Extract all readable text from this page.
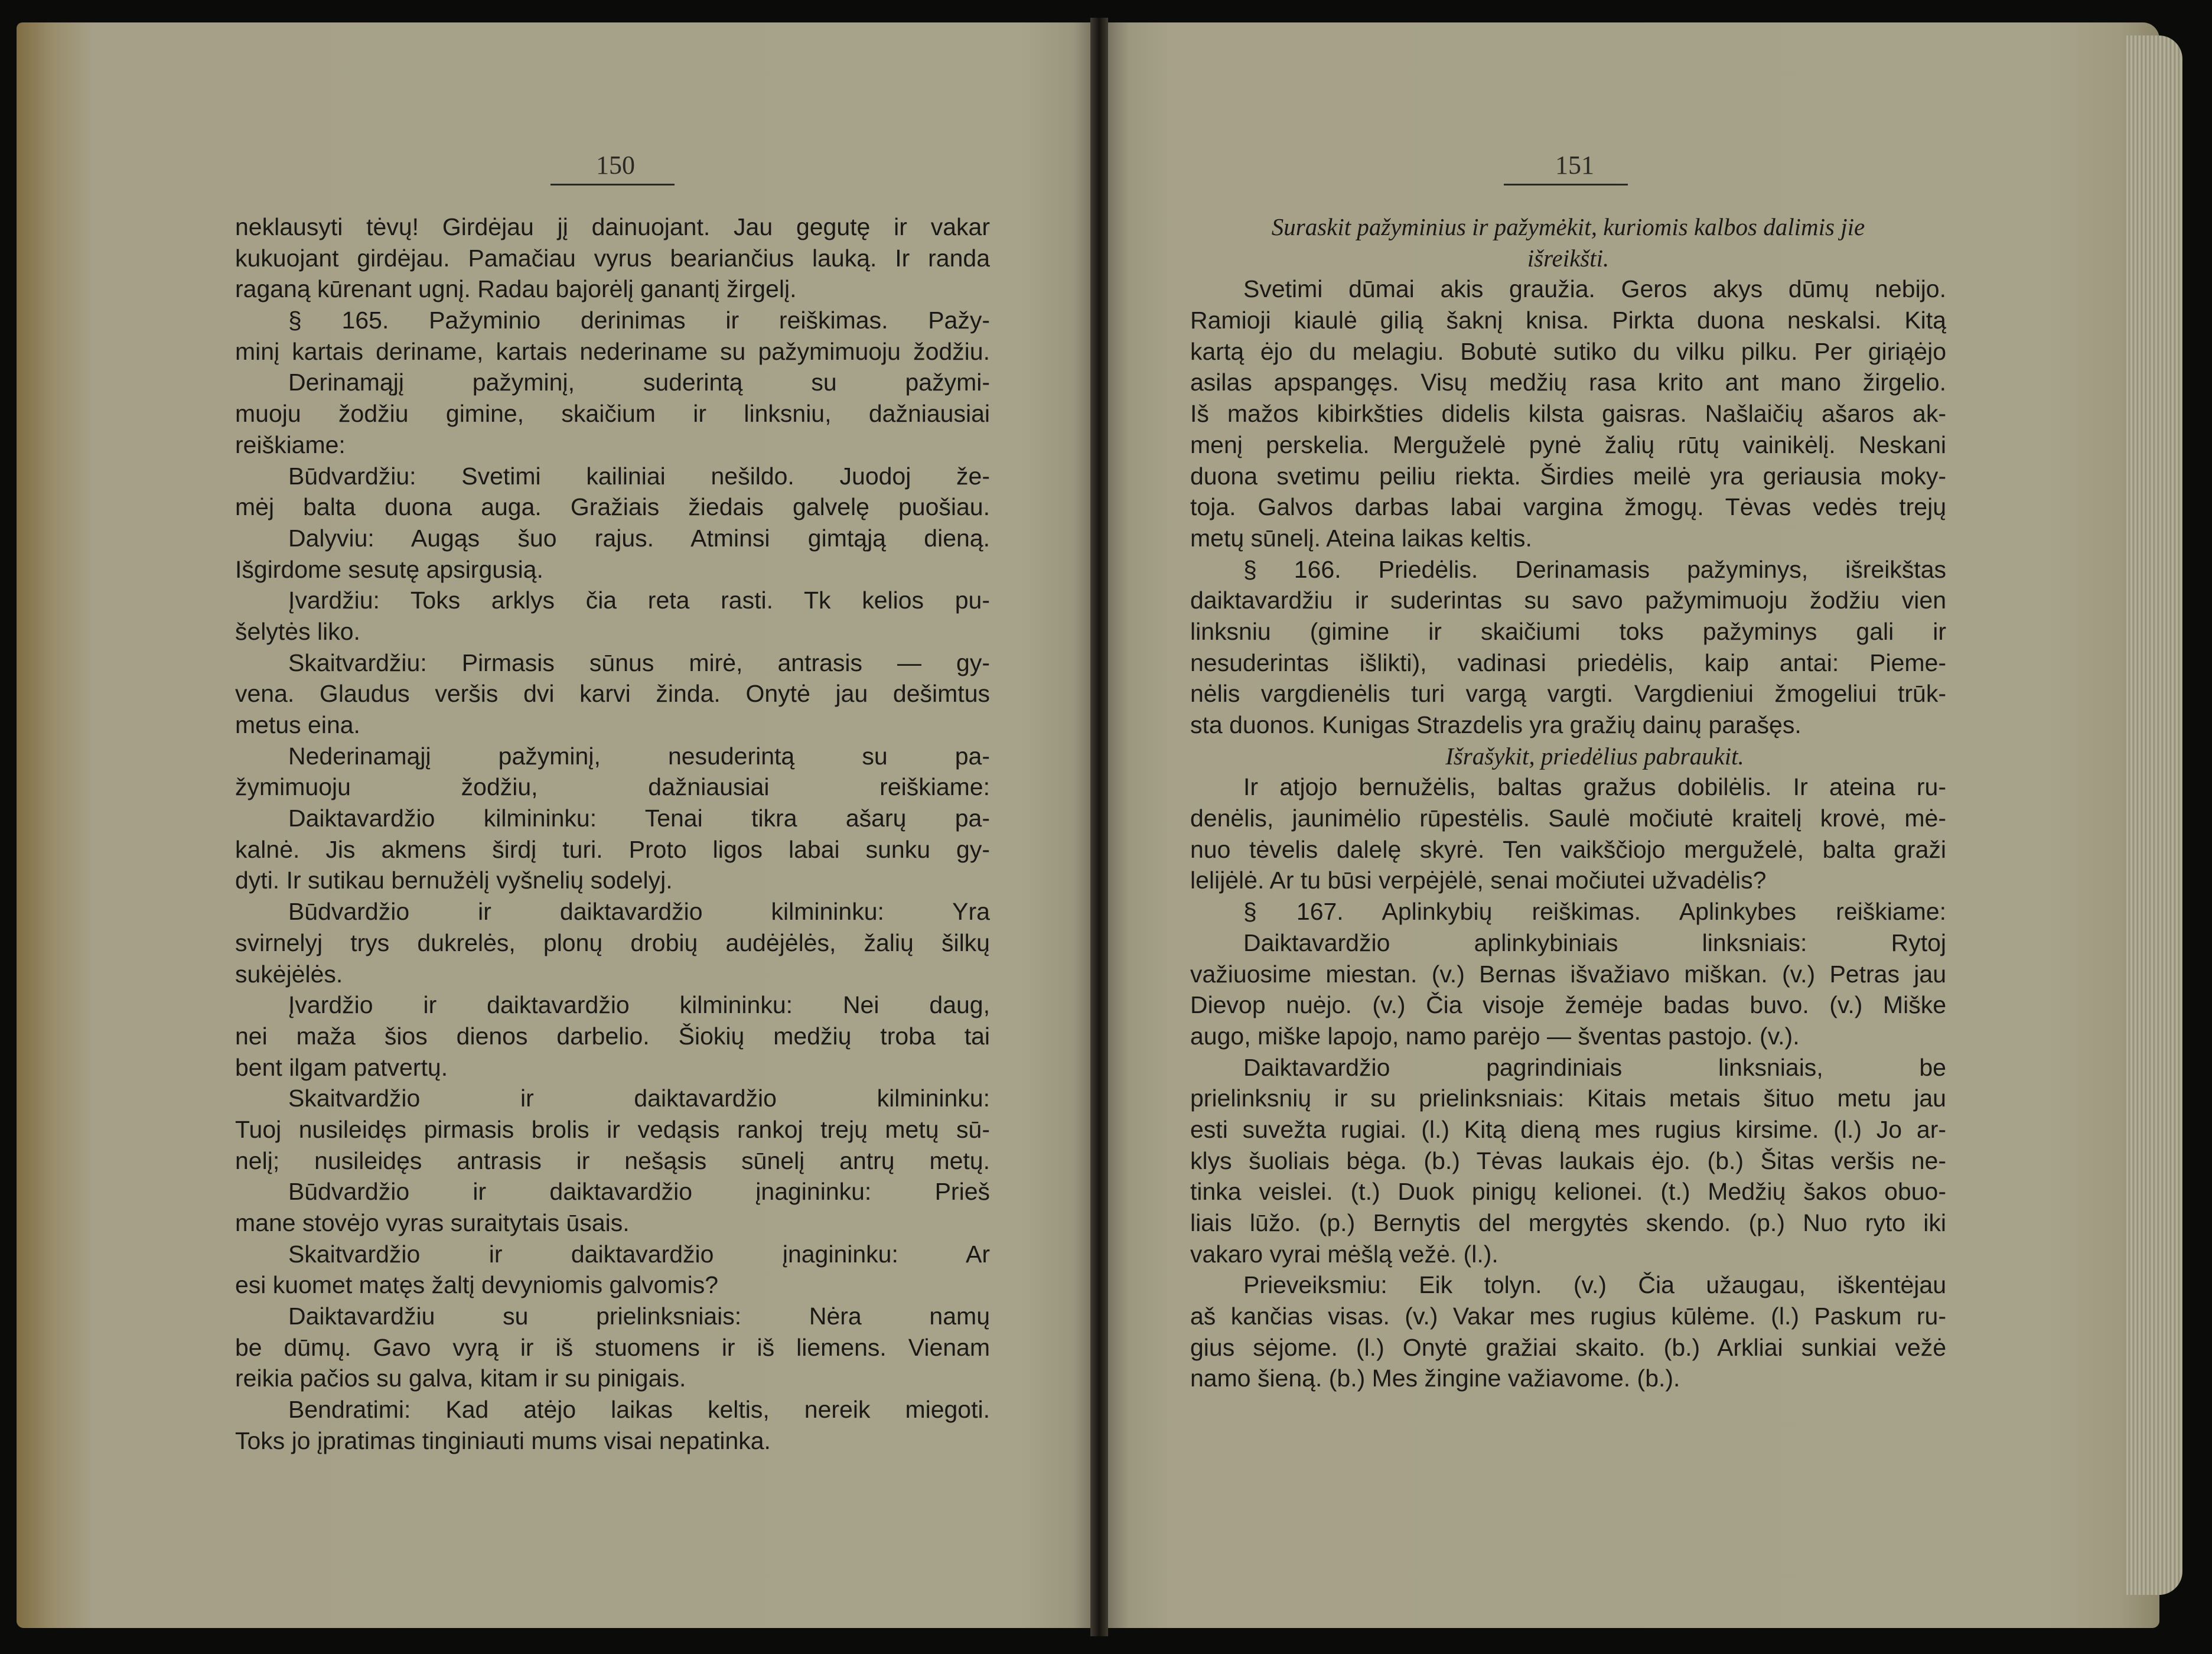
150	151
neklausyti tėvų! Girdėjau jį dainuojant. Jau gegutę ir vakar
kukuojant girdėjau. Pamačiau vyrus beariančius lauką. Ir randa
raganą kūrenant ugnį. Radau bajorėlį ganantį žirgelį.
§ 165. Pažyminio derinimas ir reiškimas. Pažy-
minį kartais deriname, kartais nederiname su pažymimuoju žodžiu.
Derinamąjį pažyminį, suderintą su pažymi-
muoju žodžiu gimine, skaičium ir linksniu, dažniausiai
reiškiame:
Būdvardžiu: Svetimi kailiniai nešildo. Juodoj že-
mėj balta duona auga. Gražiais žiedais galvelę puošiau.
Dalyviu: Augąs šuo rajus. Atminsi gimtąją dieną.
Išgirdome sesutę apsirgusią.
Įvardžiu: Toks arklys čia reta rasti. Tk kelios pu-
šelytės liko.
Skaitvardžiu: Pirmasis sūnus mirė, antrasis — gy-
vena. Glaudus veršis dvi karvi žinda. Onytė jau dešimtus
metus eina.
Nederinamąjį pažyminį, nesuderintą su pa-
žymimuoju žodžiu, dažniausiai reiškiame:
Daiktavardžio kilmininku: Tenai tikra ašarų pa-
kalnė. Jis akmens širdį turi. Proto ligos labai sunku gy-
dyti. Ir sutikau bernužėlį vyšnelių sodelyj.
Būdvardžio ir daiktavardžio kilmininku: Yra
svirnelyj trys dukrelės, plonų drobių audėjėlės, žalių šilkų
sukėjėlės.
Įvardžio ir daiktavardžio kilmininku: Nei daug,
nei maža šios dienos darbelio. Šiokių medžių troba tai
bent ilgam patvertų.
Skaitvardžio ir daiktavardžio kilmininku:
Tuoj nusileidęs pirmasis brolis ir vedąsis rankoj trejų metų sū-
nelį; nusileidęs antrasis ir nešąsis sūnelį antrų metų.
Būdvardžio ir daiktavardžio įnagininku: Prieš
mane stovėjo vyras suraitytais ūsais.
Skaitvardžio ir daiktavardžio įnagininku: Ar
esi kuomet matęs žaltį devyniomis galvomis?
Daiktavardžiu su prielinksniais: Nėra namų
be dūmų. Gavo vyrą ir iš stuomens ir iš liemens. Vienam
reikia pačios su galva, kitam ir su pinigais.
Bendratimi: Kad atėjo laikas keltis, nereik miegoti.
Toks jo įpratimas tinginiauti mums visai nepatinka.
Suraskit pažyminius ir pažymėkit, kuriomis kalbos dalimis jie
išreikšti.
Svetimi dūmai akis graužia. Geros akys dūmų nebijo.
Ramioji kiaulė gilią šaknį knisa. Pirkta duona neskalsi. Kitą
kartą ėjo du melagiu. Bobutė sutiko du vilku pilku. Per giriąėjo
asilas apspangęs. Visų medžių rasa krito ant mano žirgelio.
Iš mažos kibirkšties didelis kilsta gaisras. Našlaičių ašaros ak-
menį perskelia. Merguželė pynė žalių rūtų vainikėlį. Neskani
duona svetimu peiliu riekta. Širdies meilė yra geriausia moky-
toja. Galvos darbas labai vargina žmogų. Tėvas vedės trejų
metų sūnelį. Ateina laikas keltis.
§ 166. Priedėlis. Derinamasis pažyminys, išreikštas
daiktavardžiu ir suderintas su savo pažymimuoju žodžiu vien
linksniu (gimine ir skaičiumi toks pažyminys gali ir
nesuderintas išlikti), vadinasi priedėlis, kaip antai: Pieme-
nėlis vargdienėlis turi vargą vargti. Vargdieniui žmogeliui trūk-
sta duonos. Kunigas Strazdelis yra gražių dainų parašęs.
Išrašykit, priedėlius pabraukit.
Ir atjojo bernužėlis, baltas gražus dobilėlis. Ir ateina ru-
denėlis, jaunimėlio rūpestėlis. Saulė močiutė kraitelį krovė, mė-
nuo tėvelis dalelę skyrė. Ten vaikščiojo merguželė, balta graži
lelijėlė. Ar tu būsi verpėjėlė, senai močiutei užvadėlis?
§ 167. Aplinkybių reiškimas. Aplinkybes reiškiame:
Daiktavardžio aplinkybiniais linksniais: Rytoj
važiuosime miestan. (v.) Bernas išvažiavo miškan. (v.) Petras jau
Dievop nuėjo. (v.) Čia visoje žemėje badas buvo. (v.) Miške
augo, miške lapojo, namo parėjo — šventas pastojo. (v.).
Daiktavardžio pagrindiniais linksniais, be
prielinksnių ir su prielinksniais: Kitais metais šituo metu jau
esti suvežta rugiai. (l.) Kitą dieną mes rugius kirsime. (l.) Jo ar-
klys šuoliais bėga. (b.) Tėvas laukais ėjo. (b.) Šitas veršis ne-
tinka veislei. (t.) Duok pinigų kelionei. (t.) Medžių šakos obuo-
liais lūžo. (p.) Bernytis del mergytės skendo. (p.) Nuo ryto iki
vakaro vyrai mėšlą vežė. (l.).
Prieveiksmiu: Eik tolyn. (v.) Čia užaugau, iškentėjau
aš kančias visas. (v.) Vakar mes rugius kūlėme. (l.) Paskum ru-
gius sėjome. (l.) Onytė gražiai skaito. (b.) Arkliai sunkiai vežė
namo šieną. (b.) Mes žingine važiavome. (b.).
